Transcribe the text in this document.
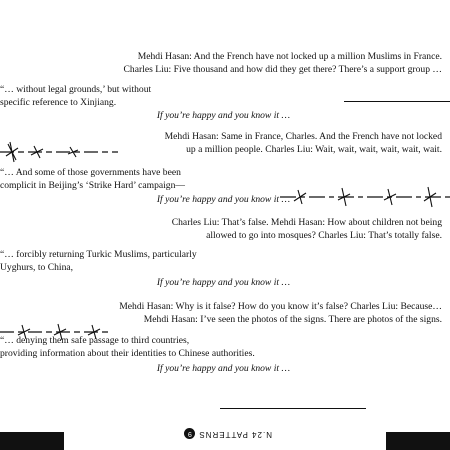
Mehdi Hasan: And the French have not locked up a million Muslims in France.
Charles Liu: Five thousand and how did they get there? There’s a support group …
“… without legal grounds,’ but without
specific reference to Xinjiang.
If you’re happy and you know it …
Mehdi Hasan: Same in France, Charles. And the French have not locked
up a million people. Charles Liu: Wait, wait, wait, wait, wait, wait.
“… And some of those governments have been
complicit in Beijing’s ‘Strike Hard’ campaign—
If you’re happy and you know it …
Charles Liu: That’s false. Mehdi Hasan: How about children not being
allowed to go into mosques? Charles Liu: That’s totally false.
“… forcibly returning Turkic Muslims, particularly
Uyghurs, to China,
If you’re happy and you know it …
Mehdi Hasan: Why is it false? How do you know it’s false? Charles Liu: Because…
Mehdi Hasan: I’ve seen the photos of the signs. There are photos of the signs.
“… denying them safe passage to third countries,
providing information about their identities to Chinese authorities.
If you’re happy and you know it …
N.24 PATTERNS9
